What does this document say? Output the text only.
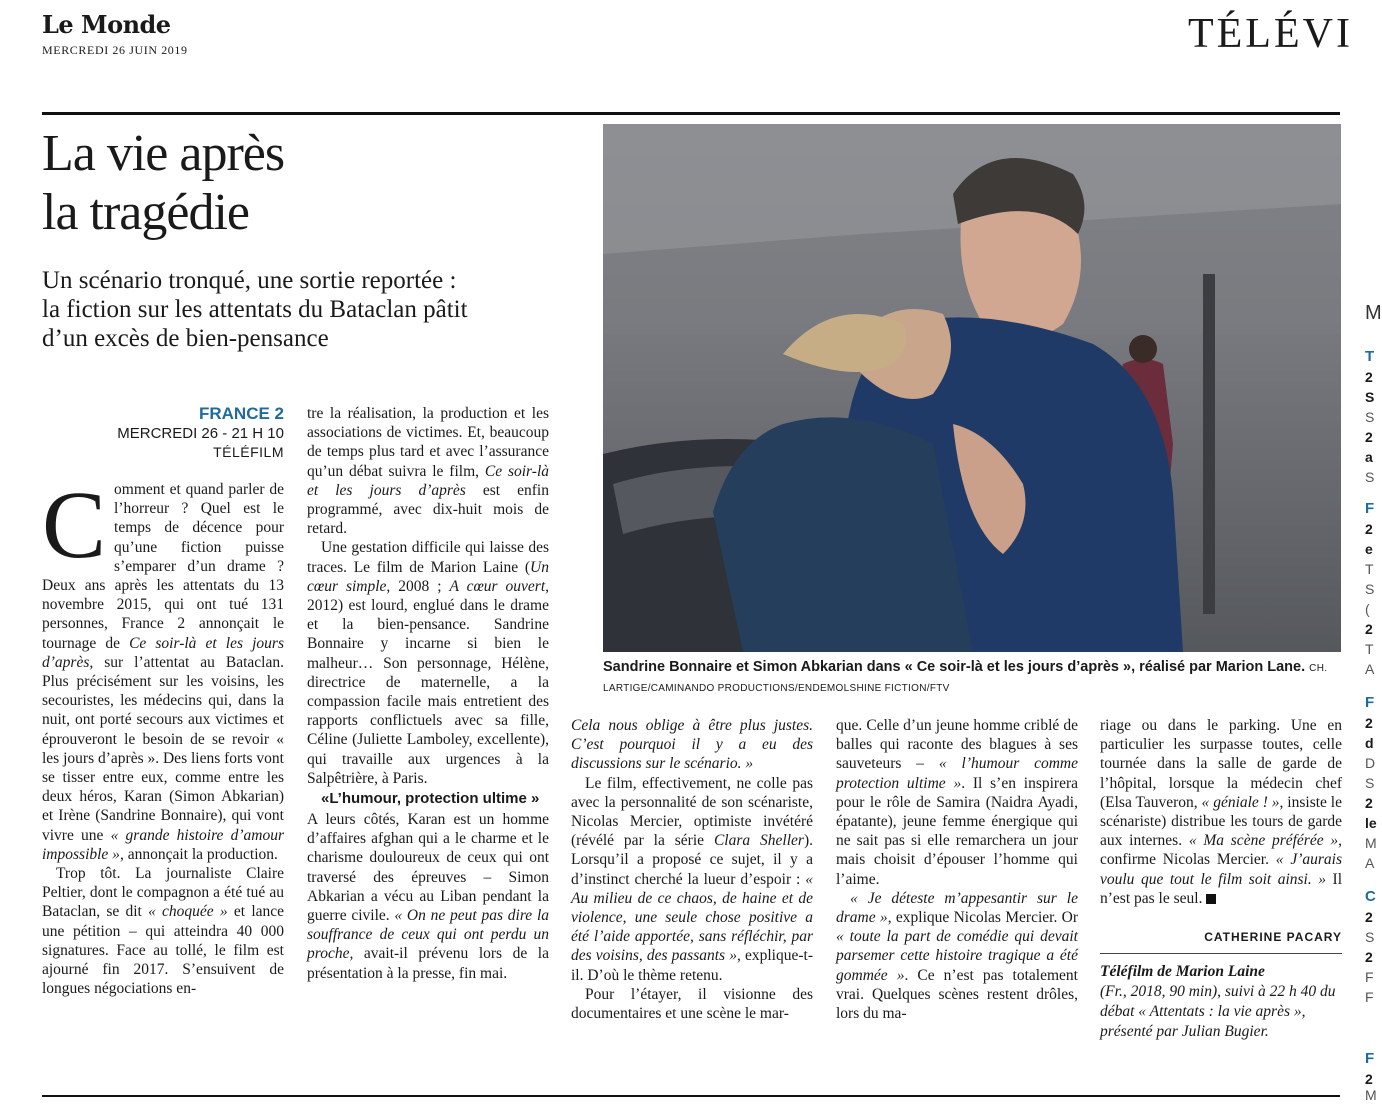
Le Monde
MERCREDI 26 JUIN 2019	TÉLÉVI
La vie après
la tragédie
Un scénario tronqué, une sortie reportée :
la fiction sur les attentats du Bataclan pâtit
d’un excès de bien-pensance
FRANCE 2
MERCREDI 26 - 21 H 10
TÉLÉFILM

Comment et quand parler de l’horreur ? Quel est le temps de décence pour qu’une fiction puisse s’emparer d’un drame ? Deux ans après les attentats du 13 novembre 2015, qui ont tué 131 personnes, France 2 annonçait le tournage de Ce soir-là et les jours d’après, sur l’attentat au Bataclan. Plus précisément sur les voisins, les secouristes, les médecins qui, dans la nuit, ont porté secours aux victimes et éprouveront le besoin de se revoir « les jours d’après ». Des liens forts vont se tisser entre eux, comme entre les deux héros, Karan (Simon Abkarian) et Irène (Sandrine Bonnaire), qui vont vivre une « grande histoire d’amour impossible », annonçait la production.

Trop tôt. La journaliste Claire Peltier, dont le compagnon a été tué au Bataclan, se dit « choquée » et lance une pétition – qui atteindra 40 000 signatures. Face au tollé, le film est ajourné fin 2017. S’ensuivent de longues négociations en-

tre la réalisation, la production et les associations de victimes. Et, beaucoup de temps plus tard et avec l’assurance qu’un débat suivra le film, Ce soir-là et les jours d’après est enfin programmé, avec dix-huit mois de retard.

Une gestation difficile qui laisse des traces. Le film de Marion Laine (Un cœur simple, 2008 ; A cœur ouvert, 2012) est lourd, englué dans le drame et la bien-pensance. Sandrine Bonnaire y incarne si bien le malheur… Son personnage, Hélène, directrice de maternelle, a la compassion facile mais entretient des rapports conflictuels avec sa fille, Céline (Juliette Lamboley, excellente), qui travaille aux urgences à la Salpêtrière, à Paris.

«L’humour, protection ultime »

A leurs côtés, Karan est un homme d’affaires afghan qui a le charme et le charisme douloureux de ceux qui ont traversé des épreuves – Simon Abkarian a vécu au Liban pendant la guerre civile. « On ne peut pas dire la souffrance de ceux qui ont perdu un proche, avait-il prévenu lors de la présentation à la presse, fin mai.

Sandrine Bonnaire et Simon Abkarian dans « Ce soir-là et les jours d’après », réalisé par Marion Lane. CH. LARTIGE/CAMINANDO PRODUCTIONS/ENDEMOLSHINE FICTION/FTV

Cela nous oblige à être plus justes. C’est pourquoi il y a eu des discussions sur le scénario. »

Le film, effectivement, ne colle pas avec la personnalité de son scénariste, Nicolas Mercier, optimiste invétéré (révélé par la série Clara Sheller). Lorsqu’il a proposé ce sujet, il y a d’instinct cherché la lueur d’espoir : « Au milieu de ce chaos, de haine et de violence, une seule chose positive a été l’aide apportée, sans réfléchir, par des voisins, des passants », explique-t-il. D’où le thème retenu.

Pour l’étayer, il visionne des documentaires et une scène le mar-

que. Celle d’un jeune homme criblé de balles qui raconte des blagues à ses sauveteurs – « l’humour comme protection ultime ». Il s’en inspirera pour le rôle de Samira (Naidra Ayadi, épatante), jeune femme énergique qui ne sait pas si elle remarchera un jour mais choisit d’épouser l’homme qui l’aime.

« Je déteste m’appesantir sur le drame », explique Nicolas Mercier. Or « toute la part de comédie qui devait parsemer cette histoire tragique a été gommée ». Ce n’est pas totalement vrai. Quelques scènes restent drôles, lors du ma-

riage ou dans le parking. Une en particulier les surpasse toutes, celle tournée dans la salle de garde de l’hôpital, lorsque la médecin chef (Elsa Tauveron, « géniale ! », insiste le scénariste) distribue les tours de garde aux internes. « Ma scène préférée », confirme Nicolas Mercier. « J’aurais voulu que tout le film soit ainsi. » Il n’est pas le seul.

CATHERINE PACARY
Téléfilm de Marion Laine
(Fr., 2018, 90 min), suivi à 22 h 40 du débat « Attentats : la vie après », présenté par Julian Bugier.
M
T
2
S
S
2
a
S
F
2
e
T
S
(
2
T
A
F
2
d
D
S
2
le
M
A
C
2
S
2
F
F
F
2
M
